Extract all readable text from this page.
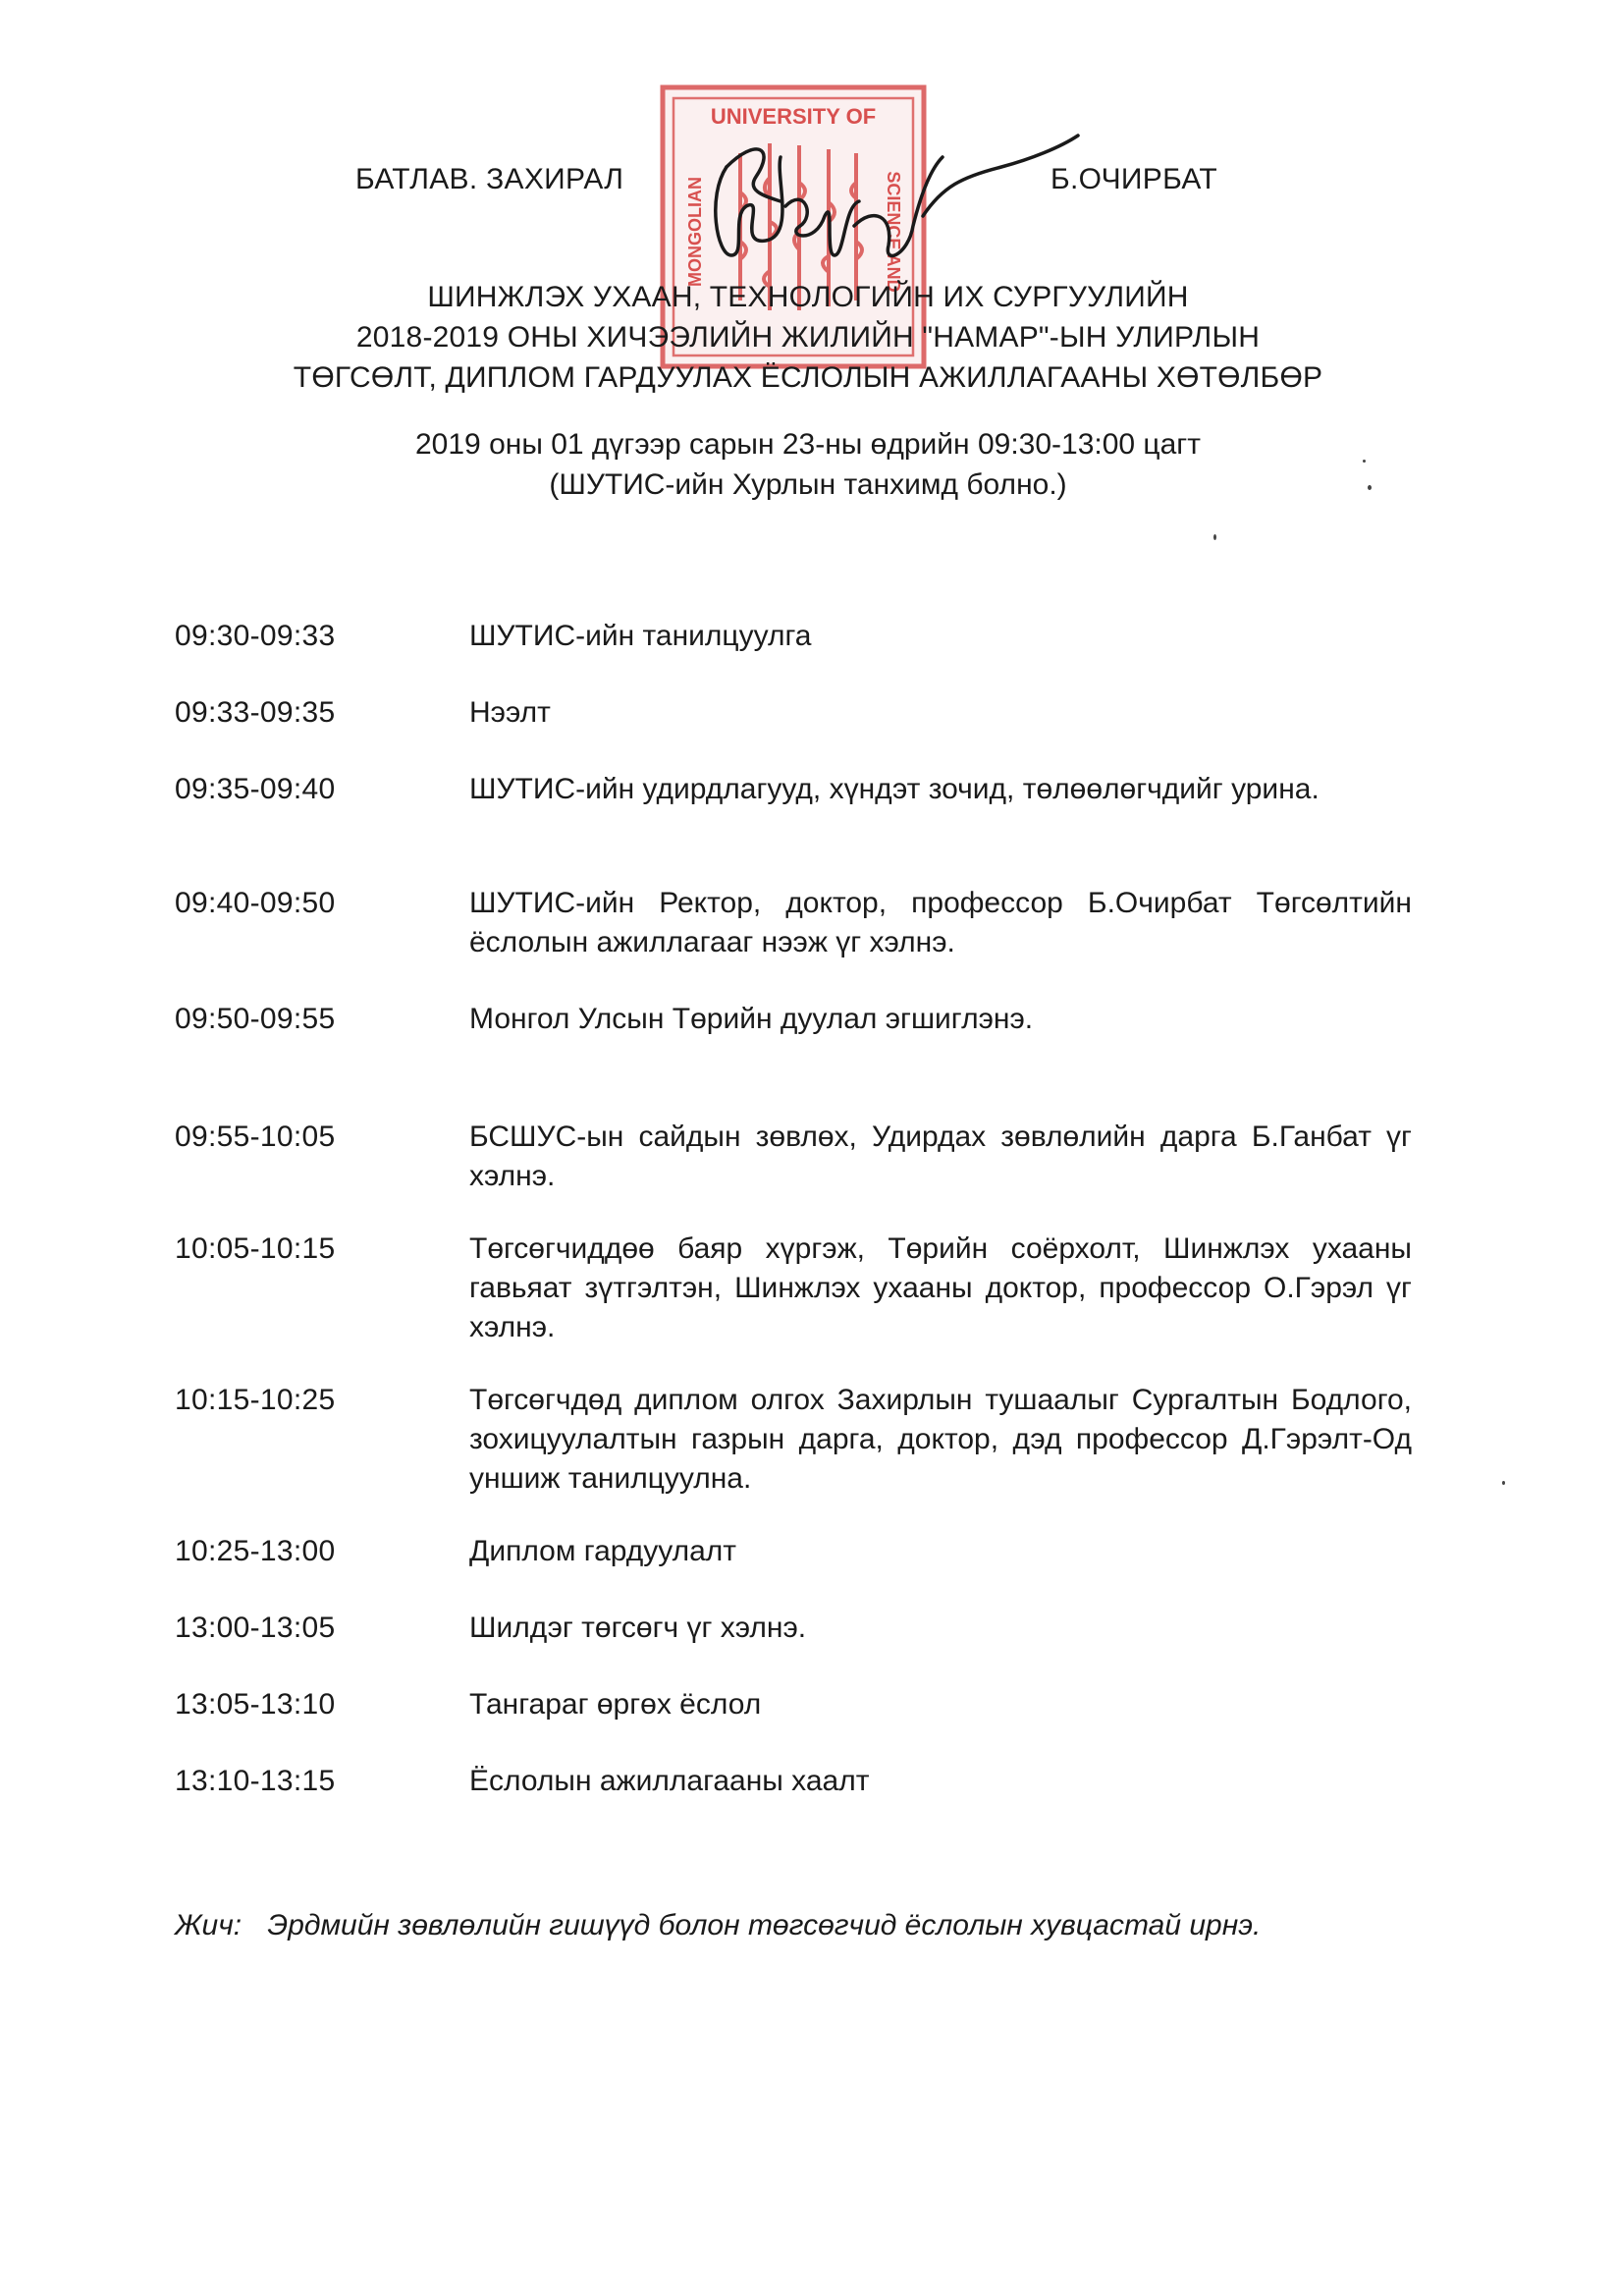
БАТЛАВ. ЗАХИРАЛ	Б.ОЧИРБАТ
UNIVERSITY OF
MONGOLIAN	SCIENCE AND
ШИНЖЛЭХ УХААН, ТЕХНОЛОГИЙН ИХ СУРГУУЛИЙН
2018-2019 ОНЫ ХИЧЭЭЛИЙН ЖИЛИЙН "НАМАР"-ЫН УЛИРЛЫН
ТӨГСӨЛТ, ДИПЛОМ ГАРДУУЛАХ ЁСЛОЛЫН АЖИЛЛАГААНЫ ХӨТӨЛБӨР
2019 оны 01 дүгээр сарын 23-ны өдрийн 09:30-13:00 цагт
(ШУТИС-ийн Хурлын танхимд болно.)
09:30-09:33	ШУТИС-ийн танилцуулга
09:33-09:35	Нээлт
09:35-09:40	ШУТИС-ийн удирдлагууд, хүндэт зочид, төлөөлөгчдийг урина.
09:40-09:50	ШУТИС-ийн Ректор, доктор, профессор Б.Очирбат Төгсөлтийн ёслолын ажиллагааг нээж үг хэлнэ.
09:50-09:55	Монгол Улсын Төрийн дуулал эгшиглэнэ.
09:55-10:05	БСШУС-ын сайдын зөвлөх, Удирдах зөвлөлийн дарга Б.Ганбат үг хэлнэ.
10:05-10:15	Төгсөгчиддөө баяр хүргэж, Төрийн соёрхолт, Шинжлэх ухааны гавьяат зүтгэлтэн, Шинжлэх ухааны доктор, профессор О.Гэрэл үг хэлнэ.
10:15-10:25	Төгсөгчдөд диплом олгох Захирлын тушаалыг Сургалтын Бодлого, зохицуулалтын газрын дарга, доктор, дэд профессор Д.Гэрэлт-Од уншиж танилцуулна.
10:25-13:00	Диплом гардуулалт
13:00-13:05	Шилдэг төгсөгч үг хэлнэ.
13:05-13:10	Тангараг өргөх ёслол
13:10-13:15	Ёслолын ажиллагааны хаалт
Жич: Эрдмийн зөвлөлийн гишүүд болон төгсөгчид ёслолын хувцастай ирнэ.
